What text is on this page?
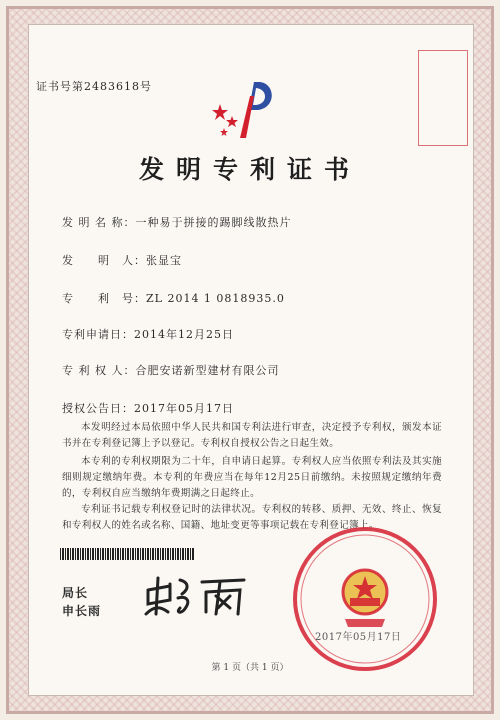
证书号第2483618号
发明专利证书
发 明 名 称：一种易于拼接的踢脚线散热片
发　　明　人：张显宝
专　　利　号：ZL 2014 1 0818935.0
专利申请日：2014年12月25日
专 利 权 人：合肥安诺新型建材有限公司
授权公告日：2017年05月17日
本发明经过本局依照中华人民共和国专利法进行审查，决定授予专利权，颁发本证书并在专利登记簿上予以登记。专利权自授权公告之日起生效。
本专利的专利权期限为二十年，自申请日起算。专利权人应当依照专利法及其实施细则规定缴纳年费。本专利的年费应当在每年12月25日前缴纳。未按照规定缴纳年费的，专利权自应当缴纳年费期满之日起终止。
专利证书记载专利权登记时的法律状况。专利权的转移、质押、无效、终止、恢复和专利权人的姓名或名称、国籍、地址变更等事项记载在专利登记簿上。
局长
申长雨
2017年05月17日
第 1 页（共 1 页）
